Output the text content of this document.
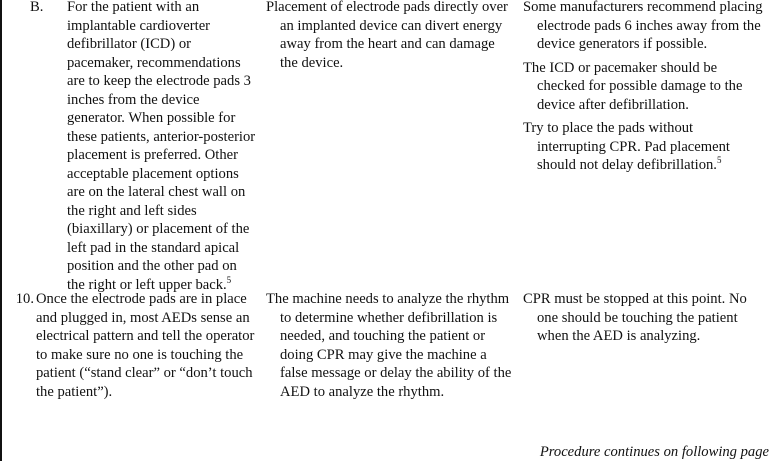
B.	For the patient with an implantable cardioverter defibrillator (ICD) or pacemaker, recommendations are to keep the electrode pads 3 inches from the device generator. When possible for these patients, anterior-posterior placement is preferred. Other acceptable placement options are on the lateral chest wall on the right and left sides (biaxillary) or placement of the left pad in the standard apical position and the other pad on the right or left upper back.$^5$
Placement of electrode pads directly over an implanted device can divert energy away from the heart and can damage the device.

Some manufacturers recommend placing electrode pads 6 inches away from the device generators if possible.

The ICD or pacemaker should be checked for possible damage to the device after defibrillation.

Try to place the pads without interrupting CPR. Pad placement should not delay defibrillation.$^5$

10. Once the electrode pads are in place and plugged in, most AEDs sense an electrical pattern and tell the operator to make sure no one is touching the patient (“stand clear” or “don’t touch the patient”).
The machine needs to analyze the rhythm to determine whether defibrillation is needed, and touching the patient or doing CPR may give the machine a false message or delay the ability of the AED to analyze the rhythm.

CPR must be stopped at this point. No one should be touching the patient when the AED is analyzing.

Procedure continues on following page
